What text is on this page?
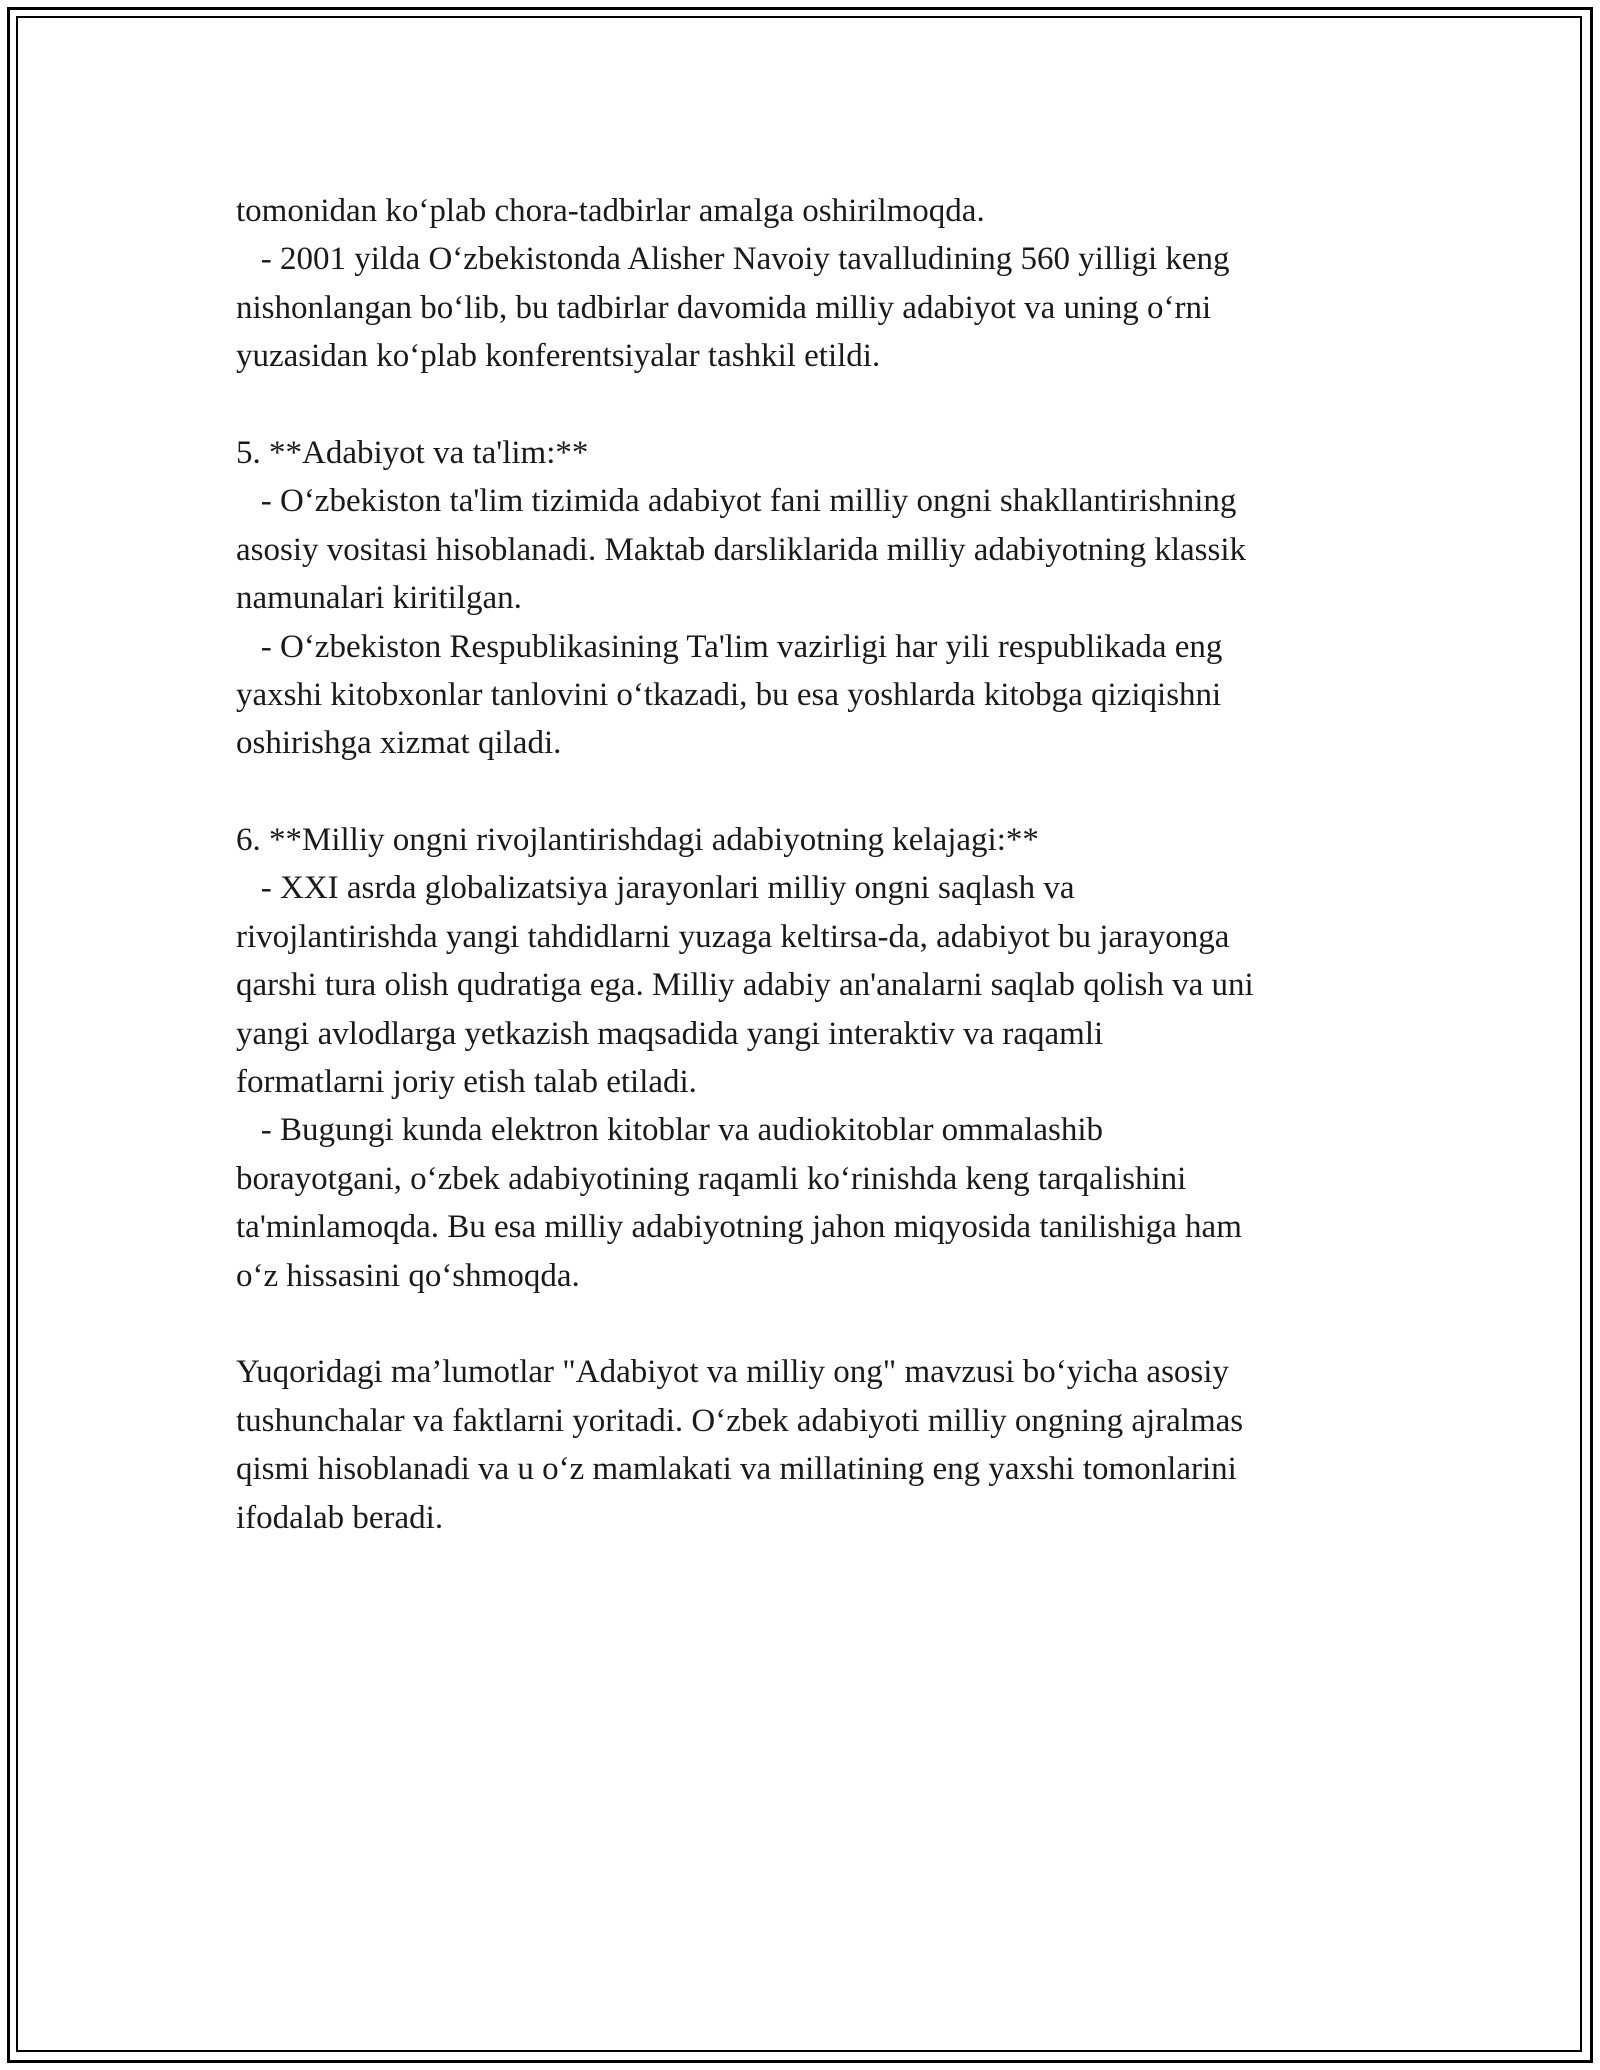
tomonidan ko‘plab chora-tadbirlar amalga oshirilmoqda.
- 2001 yilda O‘zbekistonda Alisher Navoiy tavalludining 560 yilligi keng
nishonlangan bo‘lib, bu tadbirlar davomida milliy adabiyot va uning o‘rni
yuzasidan ko‘plab konferentsiyalar tashkil etildi.
5. **Adabiyot va ta'lim:**
- O‘zbekiston ta'lim tizimida adabiyot fani milliy ongni shakllantirishning
asosiy vositasi hisoblanadi. Maktab darsliklarida milliy adabiyotning klassik
namunalari kiritilgan.
- O‘zbekiston Respublikasining Ta'lim vazirligi har yili respublikada eng
yaxshi kitobxonlar tanlovini o‘tkazadi, bu esa yoshlarda kitobga qiziqishni
oshirishga xizmat qiladi.
6. **Milliy ongni rivojlantirishdagi adabiyotning kelajagi:**
- XXI asrda globalizatsiya jarayonlari milliy ongni saqlash va
rivojlantirishda yangi tahdidlarni yuzaga keltirsa-da, adabiyot bu jarayonga
qarshi tura olish qudratiga ega. Milliy adabiy an'analarni saqlab qolish va uni
yangi avlodlarga yetkazish maqsadida yangi interaktiv va raqamli
formatlarni joriy etish talab etiladi.
- Bugungi kunda elektron kitoblar va audiokitoblar ommalashib
borayotgani, o‘zbek adabiyotining raqamli ko‘rinishda keng tarqalishini
ta'minlamoqda. Bu esa milliy adabiyotning jahon miqyosida tanilishiga ham
o‘z hissasini qo‘shmoqda.
Yuqoridagi ma’lumotlar "Adabiyot va milliy ong" mavzusi bo‘yicha asosiy
tushunchalar va faktlarni yoritadi. O‘zbek adabiyoti milliy ongning ajralmas
qismi hisoblanadi va u o‘z mamlakati va millatining eng yaxshi tomonlarini
ifodalab beradi.
